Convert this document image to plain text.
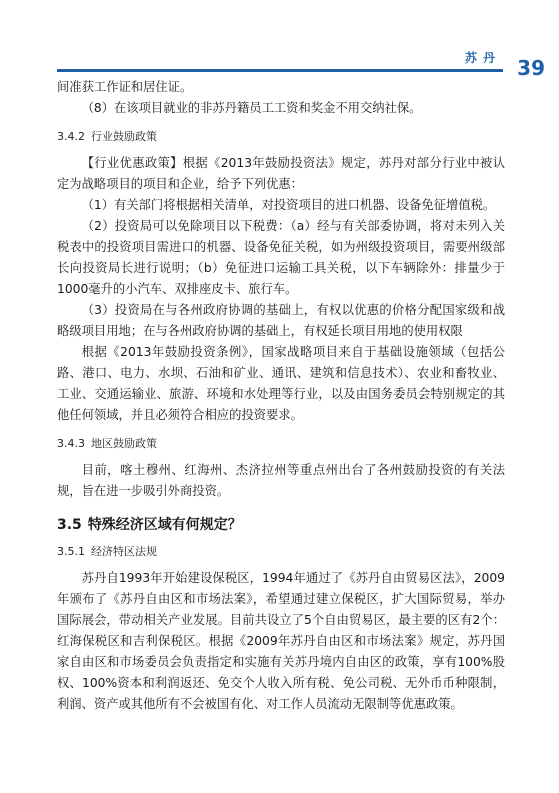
苏丹 39

间准获工作证和居住证。

（8）在该项目就业的非苏丹籍员工工资和奖金不用交纳社保。

3.4.2 行业鼓励政策

【行业优惠政策】根据《2013年鼓励投资法》规定，苏丹对部分行业中被认定为战略项目的项目和企业，给予下列优惠：

（1）有关部门将根据相关清单，对投资项目的进口机器、设备免征增值税。

（2）投资局可以免除项目以下税费：（a）经与有关部委协调，将对未列入关税表中的投资项目需进口的机器、设备免征关税，如为州级投资项目，需要州级部长向投资局长进行说明；（b）免征进口运输工具关税，以下车辆除外：排量少于1000毫升的小汽车、双排座皮卡、旅行车。

（3）投资局在与各州政府协调的基础上，有权以优惠的价格分配国家级和战略级项目用地；在与各州政府协调的基础上，有权延长项目用地的使用权限

根据《2013年鼓励投资条例》，国家战略项目来自于基础设施领域（包括公路、港口、电力、水坝、石油和矿业、通讯、建筑和信息技术）、农业和畜牧业、工业、交通运输业、旅游、环境和水处理等行业，以及由国务委员会特别规定的其他任何领域，并且必须符合相应的投资要求。

3.4.3 地区鼓励政策

目前，喀土穆州、红海州、杰济拉州等重点州出台了各州鼓励投资的有关法规，旨在进一步吸引外商投资。

3.5 特殊经济区域有何规定？
3.5.1 经济特区法规

苏丹自1993年开始建设保税区，1994年通过了《苏丹自由贸易区法》，2009年颁布了《苏丹自由区和市场法案》，希望通过建立保税区，扩大国际贸易，举办国际展会，带动相关产业发展。目前共设立了5个自由贸易区，最主要的区有2个：红海保税区和吉利保税区。根据《2009年苏丹自由区和市场法案》规定，苏丹国家自由区和市场委员会负责指定和实施有关苏丹境内自由区的政策，享有100%股权、100%资本和利润返还、免交个人收入所有税、免公司税、无外币币种限制，利润、资产或其他所有不会被国有化、对工作人员流动无限制等优惠政策。
